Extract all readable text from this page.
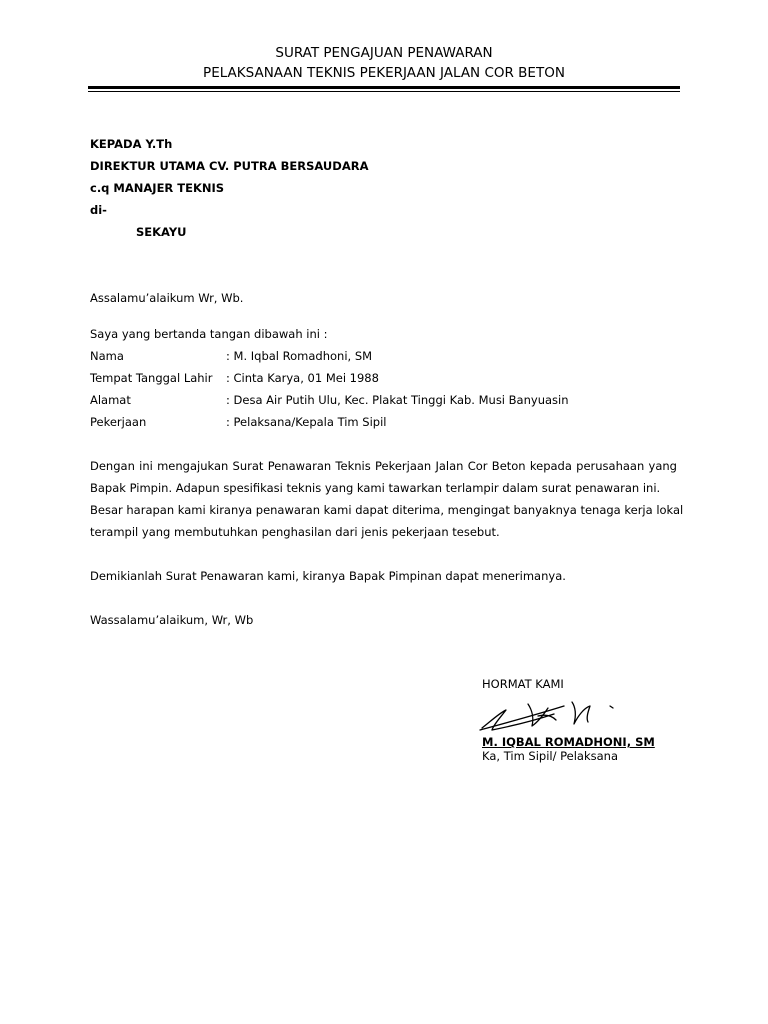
SURAT PENGAJUAN PENAWARAN
PELAKSANAAN TEKNIS PEKERJAAN JALAN COR BETON
KEPADA Y.Th
DIREKTUR UTAMA CV. PUTRA BERSAUDARA
c.q MANAJER TEKNIS
di-
SEKAYU
Assalamu’alaikum Wr, Wb.
Saya yang bertanda tangan dibawah ini :
Nama	: M. Iqbal Romadhoni, SM
Tempat Tanggal Lahir : Cinta Karya, 01 Mei 1988
Alamat	: Desa Air Putih Ulu, Kec. Plakat Tinggi Kab. Musi Banyuasin
Pekerjaan	: Pelaksana/Kepala Tim Sipil
Dengan ini mengajukan Surat Penawaran Teknis Pekerjaan Jalan Cor Beton kepada perusahaan yang
Bapak Pimpin. Adapun spesifikasi teknis yang kami tawarkan terlampir dalam surat penawaran ini.
Besar harapan kami kiranya penawaran kami dapat diterima, mengingat banyaknya tenaga kerja lokal
terampil yang membutuhkan penghasilan dari jenis pekerjaan tesebut.
Demikianlah Surat Penawaran kami, kiranya Bapak Pimpinan dapat menerimanya.
Wassalamu’alaikum, Wr, Wb
HORMAT KAMI
M. IQBAL ROMADHONI, SM
Ka, Tim Sipil/ Pelaksana
